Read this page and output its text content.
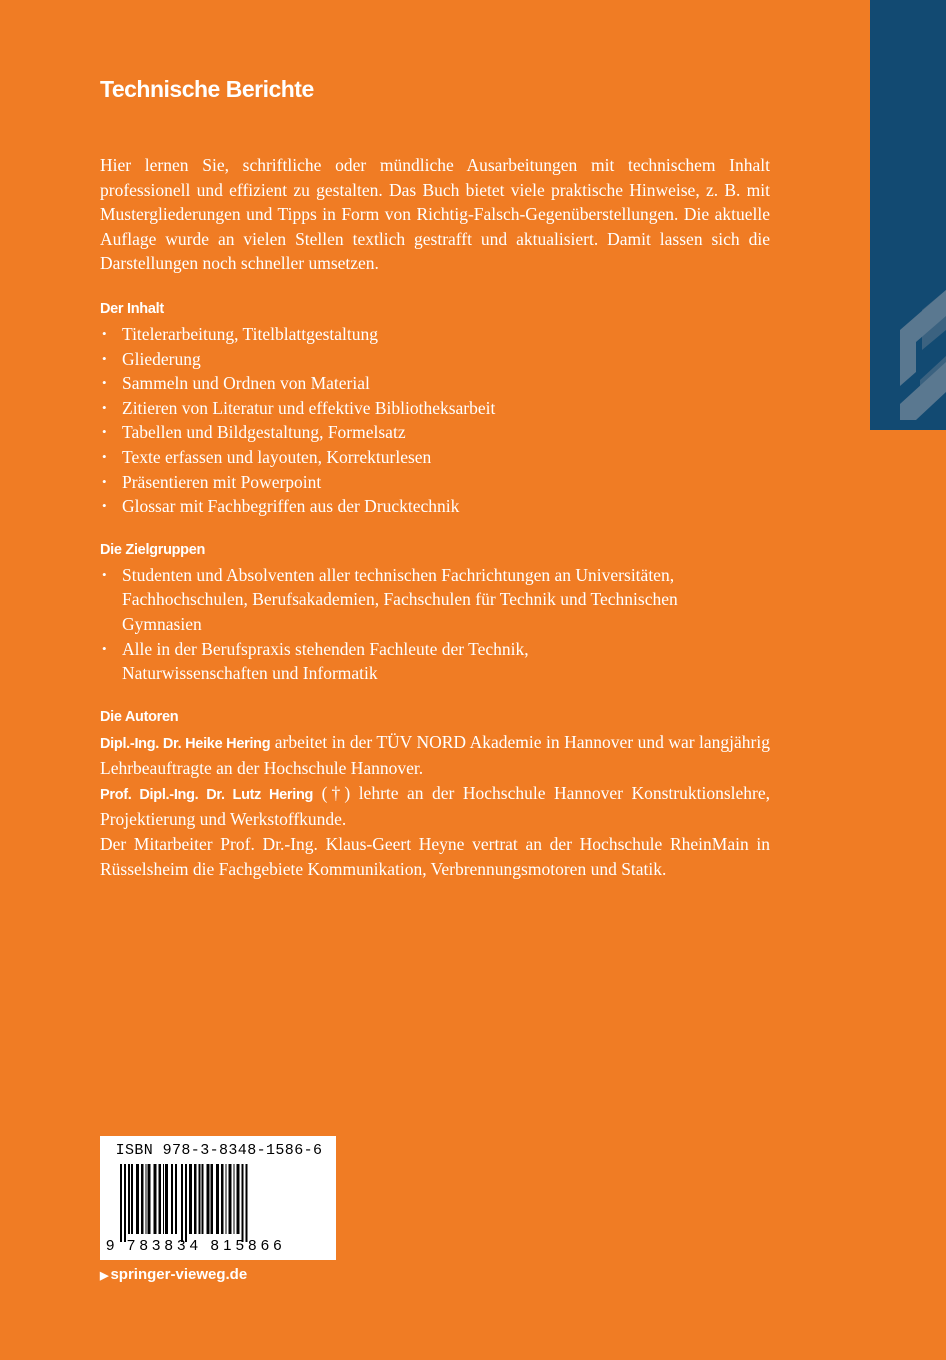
Technische Berichte

Hier lernen Sie, schriftliche oder mündliche Ausarbeitungen mit technischem Inhalt professionell und effizient zu gestalten. Das Buch bietet viele praktische Hinweise, z. B. mit Mustergliederungen und Tipps in Form von Richtig-Falsch-Gegenüberstellungen. Die aktuelle Auflage wurde an vielen Stellen textlich gestrafft und aktualisiert. Damit lassen sich die Darstellungen noch schneller umsetzen.

Der Inhalt
• Titelerarbeitung, Titelblattgestaltung
• Gliederung
• Sammeln und Ordnen von Material
• Zitieren von Literatur und effektive Bibliotheksarbeit
• Tabellen und Bildgestaltung, Formelsatz
• Texte erfassen und layouten, Korrekturlesen
• Präsentieren mit Powerpoint
• Glossar mit Fachbegriffen aus der Drucktechnik
Die Zielgruppen
• Studenten und Absolventen aller technischen Fachrichtungen an Universitäten, Fachhochschulen, Berufsakademien, Fachschulen für Technik und Technischen Gymnasien
• Alle in der Berufspraxis stehenden Fachleute der Technik, Naturwissenschaften und Informatik
Die Autoren

Dipl.-Ing. Dr. Heike Hering arbeitet in der TÜV NORD Akademie in Hannover und war langjährig Lehrbeauftragte an der Hochschule Hannover.

Prof. Dipl.-Ing. Dr. Lutz Hering (†) lehrte an der Hochschule Hannover Konstruktionslehre, Projektierung und Werkstoffkunde.

Der Mitarbeiter Prof. Dr.-Ing. Klaus-Geert Heyne vertrat an der Hochschule RheinMain in Rüsselsheim die Fachgebiete Kommunikation, Verbrennungsmotoren und Statik.

ISBN 978-3-8348-1586-6
9 783834 815866
▶ springer-vieweg.de
